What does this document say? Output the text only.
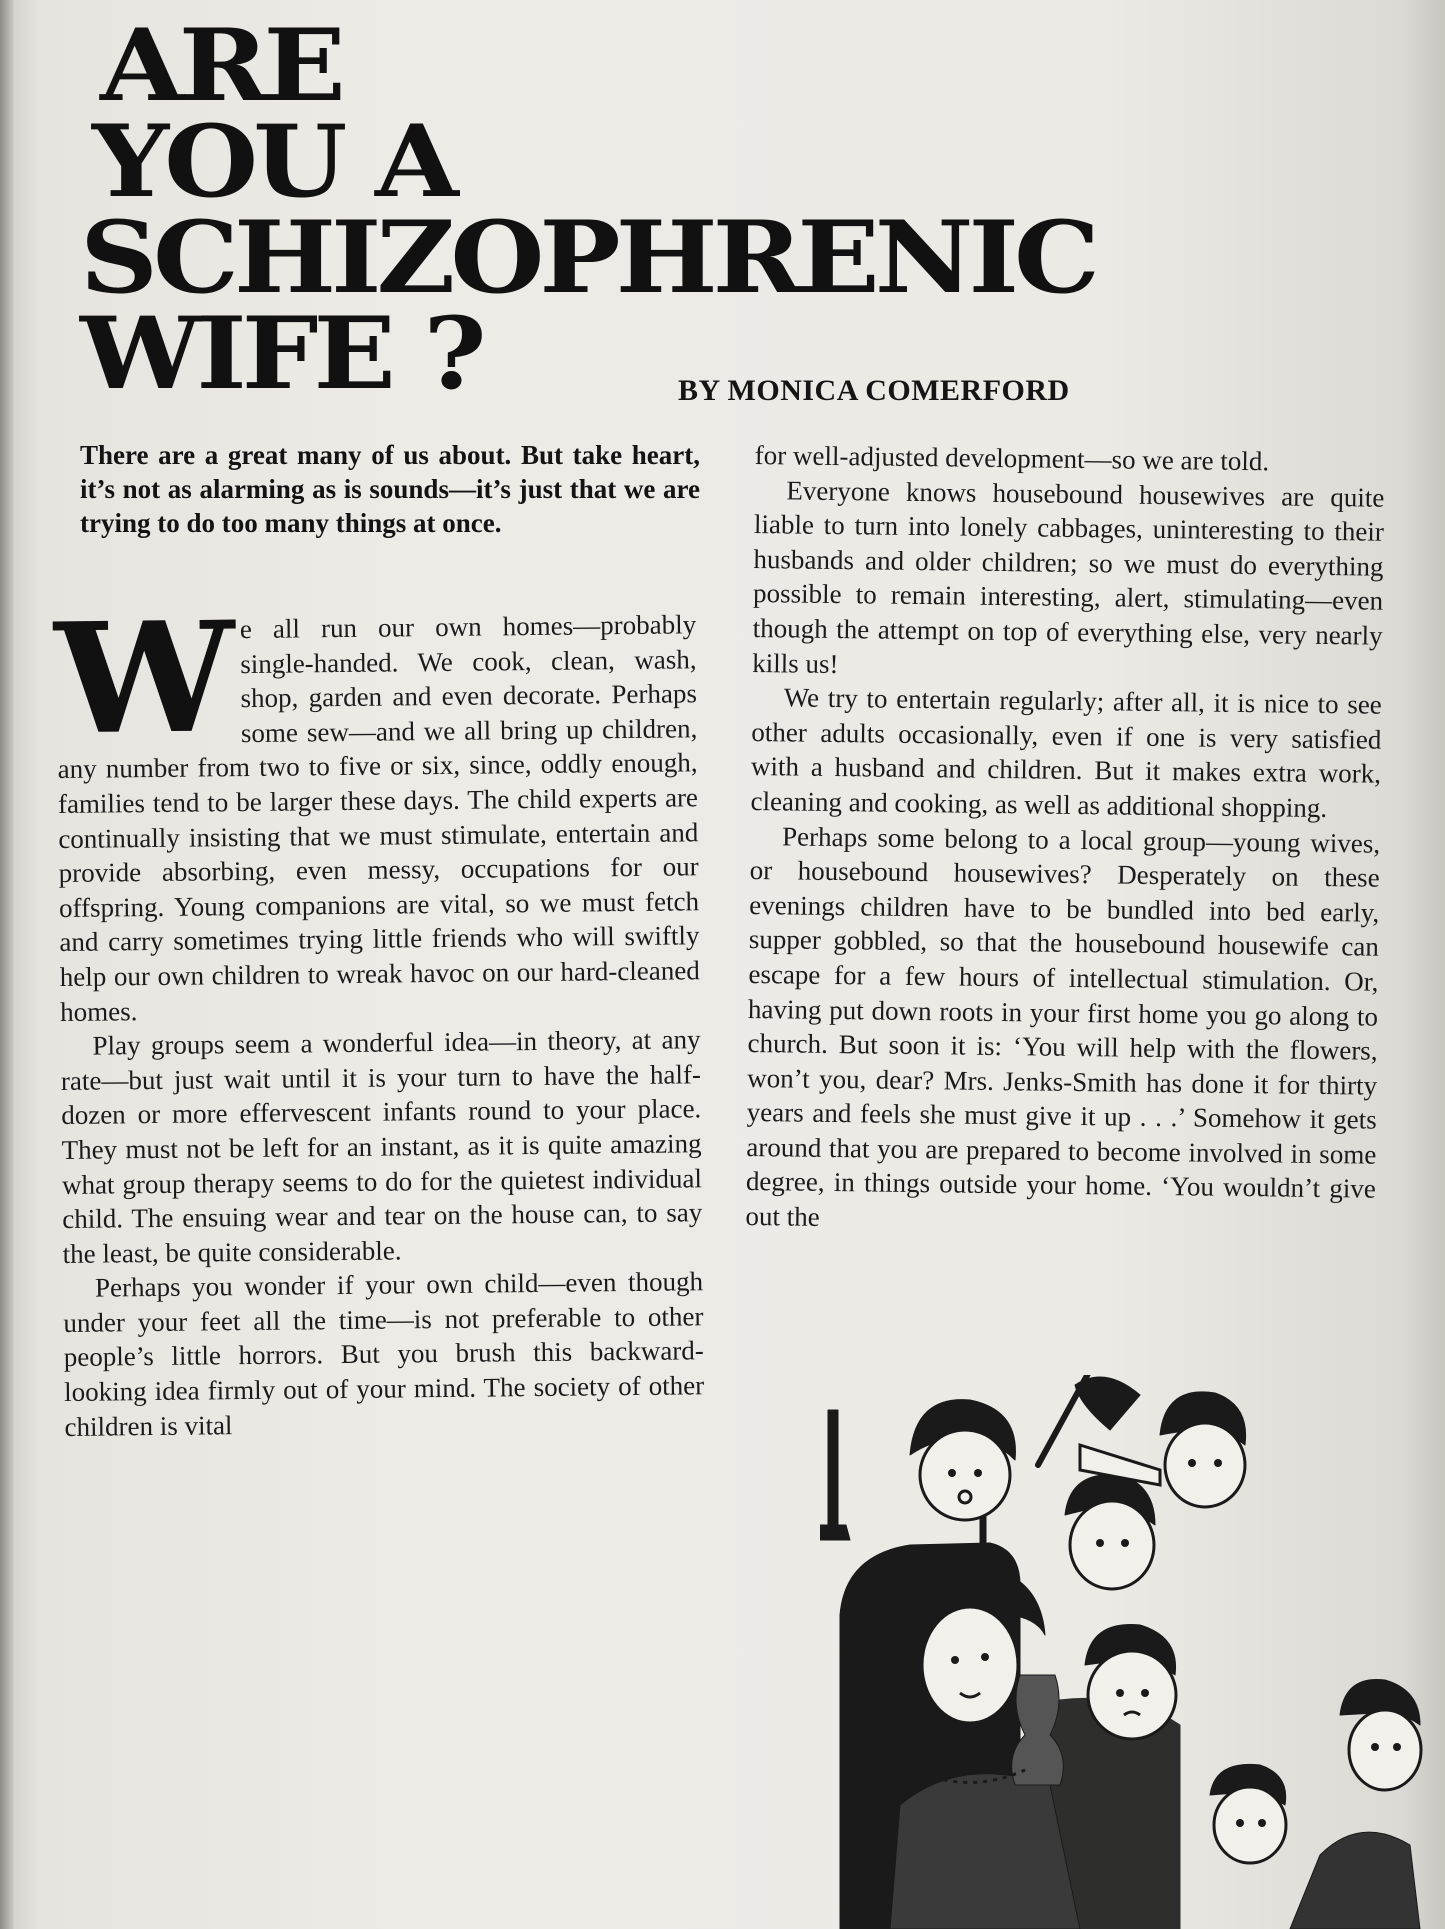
ARE
YOU A
SCHIZOPHRENIC
WIFE ?	BY MONICA COMERFORD
There are a great many of us about. But take heart, it’s not as alarming as is sounds—it’s just that we are trying to do too many things at once.

We all run our own homes—probably single-handed. We cook, clean, wash, shop, garden and even decorate. Perhaps some sew—and we all bring up children, any number from two to five or six, since, oddly enough, families tend to be larger these days. The child experts are continually insisting that we must stimulate, entertain and provide absorbing, even messy, occupations for our offspring. Young companions are vital, so we must fetch and carry sometimes trying little friends who will swiftly help our own children to wreak havoc on our hard-cleaned homes.

Play groups seem a wonderful idea—in theory, at any rate—but just wait until it is your turn to have the half-dozen or more effervescent infants round to your place. They must not be left for an instant, as it is quite amazing what group therapy seems to do for the quietest individual child. The ensuing wear and tear on the house can, to say the least, be quite considerable.

Perhaps you wonder if your own child—even though under your feet all the time—is not preferable to other people’s little horrors. But you brush this backward-looking idea firmly out of your mind. The society of other children is vital

for well-adjusted development—so we are told.

Everyone knows housebound housewives are quite liable to turn into lonely cabbages, uninteresting to their husbands and older children; so we must do everything possible to remain interesting, alert, stimulating—even though the attempt on top of everything else, very nearly kills us!

We try to entertain regularly; after all, it is nice to see other adults occasionally, even if one is very satisfied with a husband and children. But it makes extra work, cleaning and cooking, as well as additional shopping.

Perhaps some belong to a local group—young wives, or housebound housewives? Desperately on these evenings children have to be bundled into bed early, supper gobbled, so that the housebound housewife can escape for a few hours of intellectual stimulation. Or, having put down roots in your first home you go along to church. But soon it is: ‘You will help with the flowers, won’t you, dear? Mrs. Jenks-Smith has done it for thirty years and feels she must give it up . . .’ Somehow it gets around that you are prepared to become involved in some degree, in things outside your home. ‘You wouldn’t give out the
